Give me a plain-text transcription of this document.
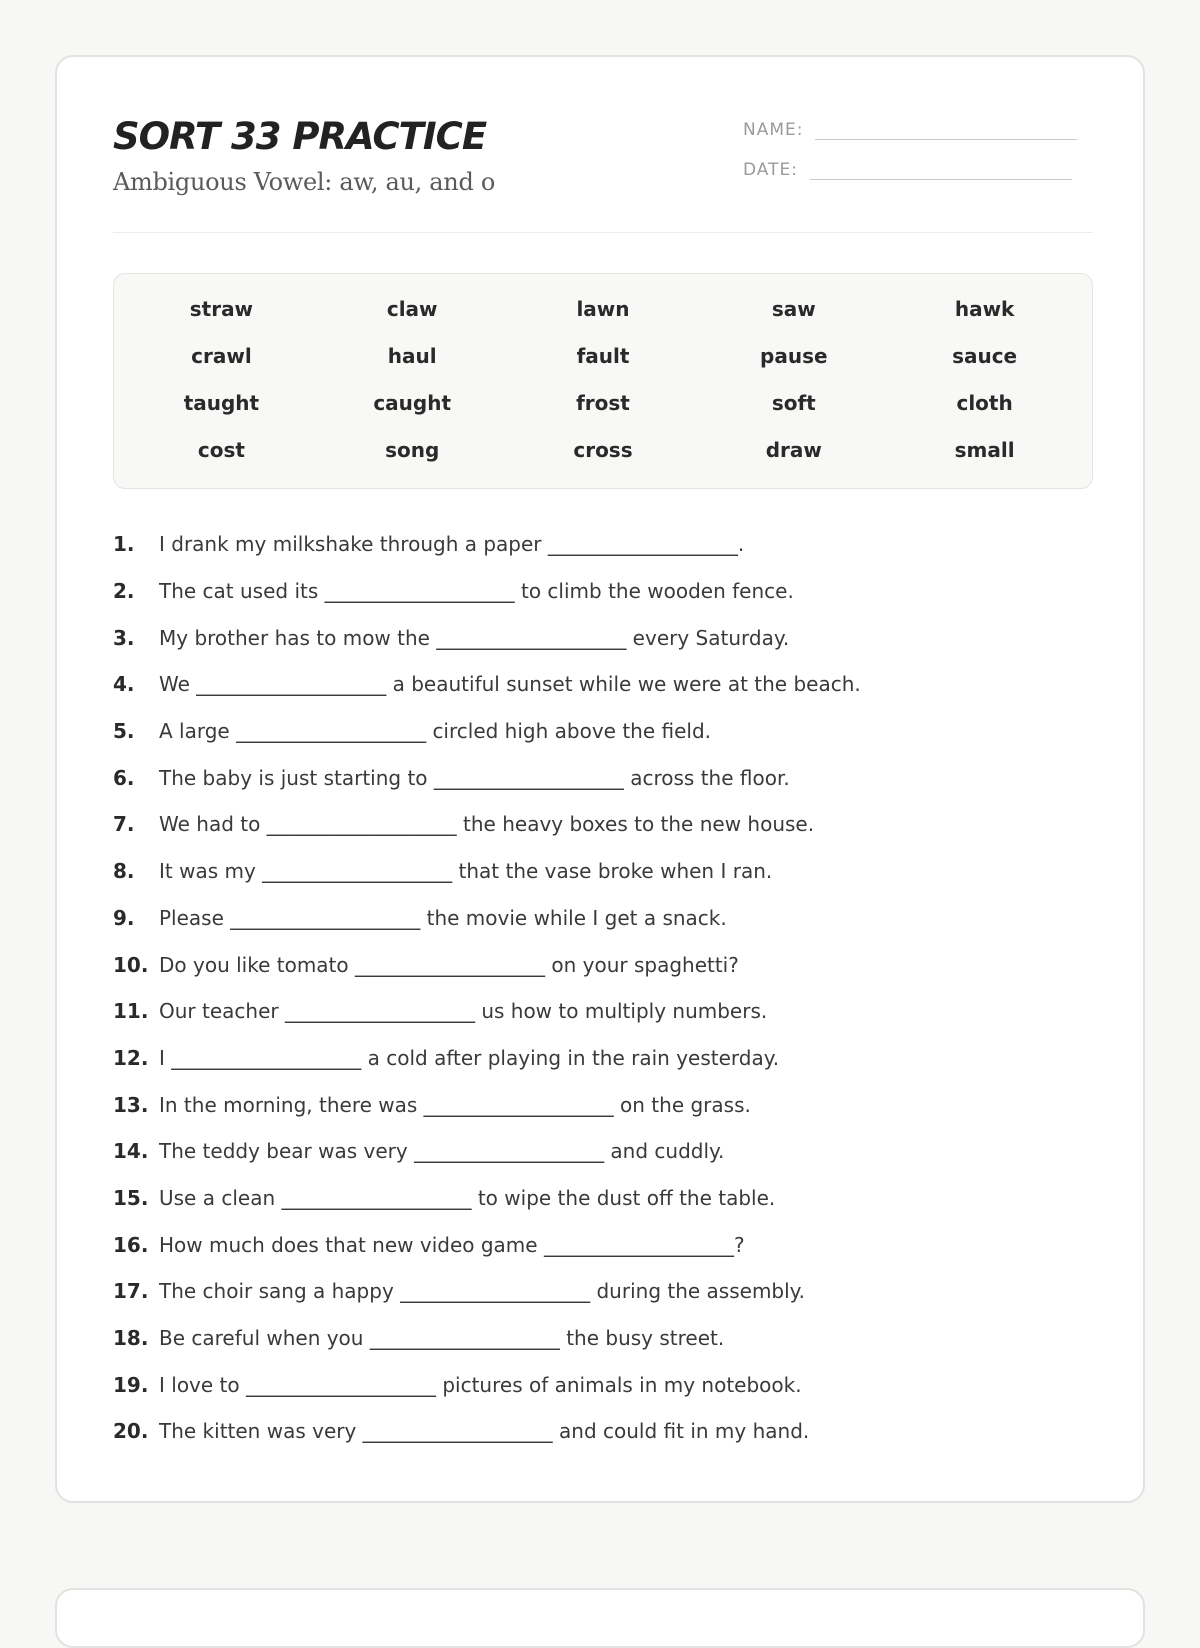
SORT 33 PRACTICE

Ambiguous Vowel: aw, au, and o

NAME:
DATE:
straw	claw	lawn	saw	hawk
crawl	haul	fault	pause	sauce
taught	caught	frost	soft	cloth
cost	song	cross	draw	small
1.	I drank my milkshake through a paper ___________________.
2.	The cat used its ___________________ to climb the wooden fence.
3.	My brother has to mow the ___________________ every Saturday.
4.	We ___________________ a beautiful sunset while we were at the beach.
5.	A large ___________________ circled high above the field.
6.	The baby is just starting to ___________________ across the floor.
7.	We had to ___________________ the heavy boxes to the new house.
8.	It was my ___________________ that the vase broke when I ran.
9.	Please ___________________ the movie while I get a snack.
10. Do you like tomato ___________________ on your spaghetti?
11. Our teacher ___________________ us how to multiply numbers.
12. I ___________________ a cold after playing in the rain yesterday.
13. In the morning, there was ___________________ on the grass.
14. The teddy bear was very ___________________ and cuddly.
15. Use a clean ___________________ to wipe the dust off the table.
16. How much does that new video game ___________________?
17. The choir sang a happy ___________________ during the assembly.
18. Be careful when you ___________________ the busy street.
19. I love to ___________________ pictures of animals in my notebook.
20. The kitten was very ___________________ and could fit in my hand.
